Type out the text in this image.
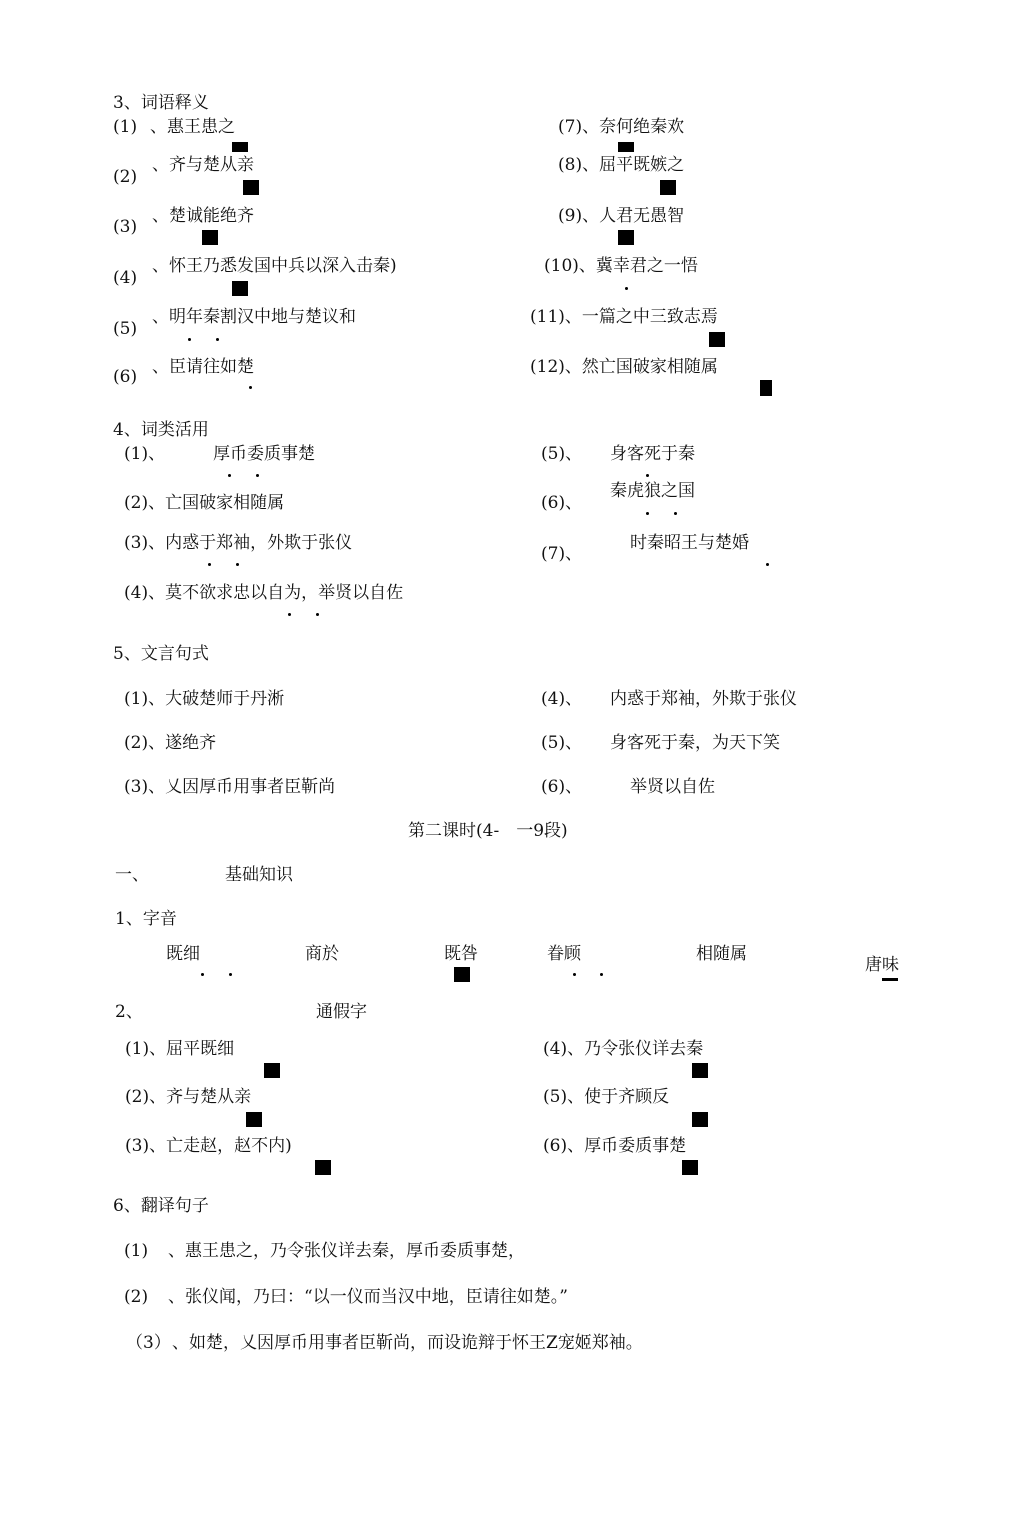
3、词语释义
(1) 、惠王患之
(2)
、齐与楚从亲
(3)
、楚诚能绝齐
(4)
、怀王乃悉发国中兵以深入击秦)
(5)
、明年秦割汉中地与楚议和
(6) 、臣请往如楚
(7)、奈何绝秦欢
(8)、屈平既嫉之
(9)、人君无愚智
(10)、冀幸君之一悟
(11)、一篇之中三致志焉
(12)、然亡国破家相随属
4、词类活用
(1)、	厚币委质事楚
(2)、亡国破家相随属
(3)、内惑于郑袖，外欺于张仪
(4)、莫不欲求忠以自为，举贤以自佐
(5)、 身客死于秦
(6)、
秦虎狼之国
(7)、
时秦昭王与楚婚
5、文言句式
(1)、大破楚师于丹淅
(2)、遂绝齐
(3)、乂因厚币用事者臣靳尚
(4)、 内惑于郑袖，外欺于张仪
(5)、 身客死于秦，为天下笑
(6)、	举贤以自佐
第二课时(4-　一9段)
一、	基础知识
1、字音
既细	商於	既咎	眷顾	相随属
唐味
2、	通假字
(1)、屈平既细
(2)、齐与楚从亲
(3)、亡走赵，赵不内)
(4)、乃令张仪详去秦
(5)、使于齐顾反
(6)、厚币委质事楚
6、翻译句子
(1) 、惠王患之，乃令张仪详去秦，厚币委质事楚，
(2) 、张仪闻，乃曰：“以一仪而当汉中地，臣请往如楚。”
（3） 、如楚，乂因厚币用事者臣靳尚，而设诡辩于怀王Z宠姬郑袖。
